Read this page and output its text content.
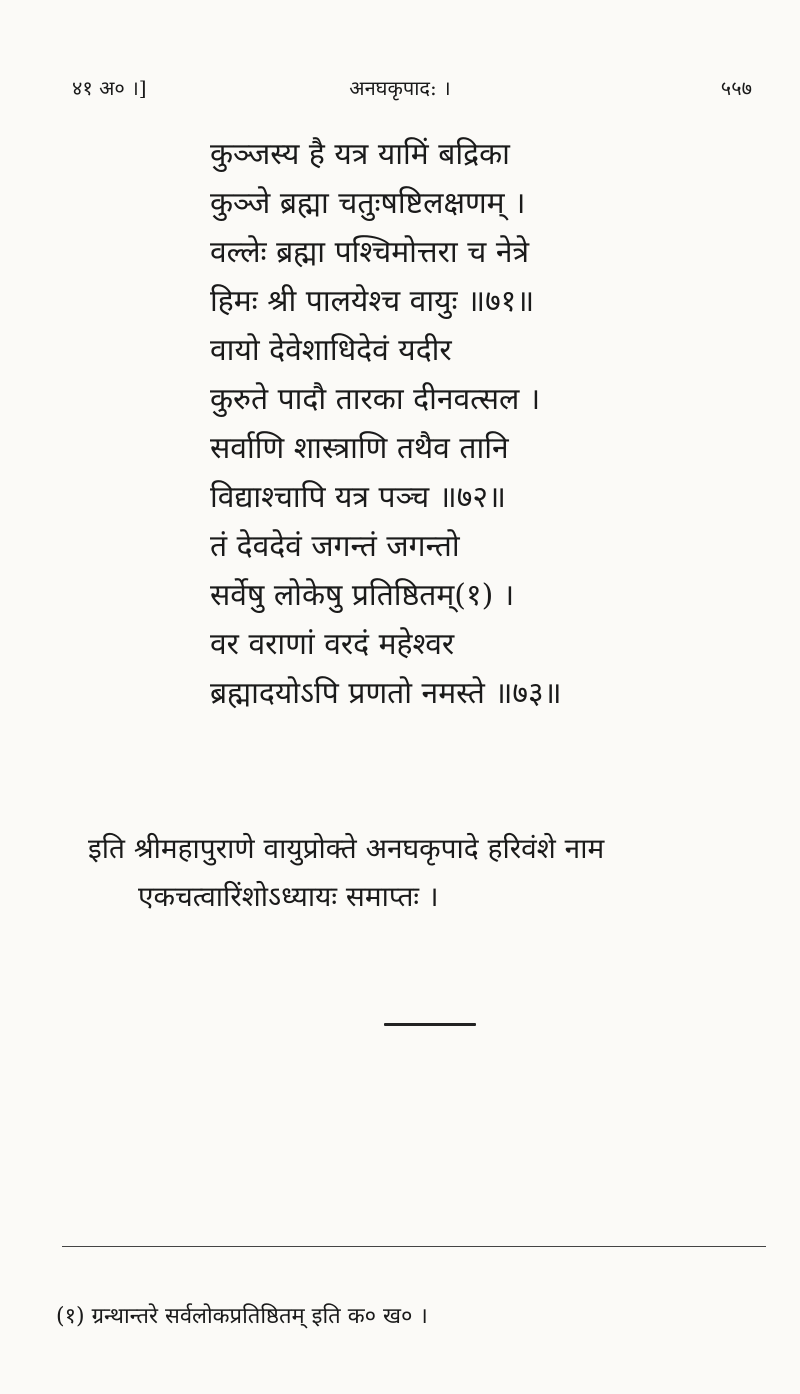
४१ अ० ।]	अनघकृपाद: ।	५५७

कुञ्जस्य है यत्र यामिं बद्रिका

कुञ्जे ब्रह्मा चतुःषष्टिलक्षणम् ।

वल्लेः ब्रह्मा पश्चिमोत्तरा च नेत्रे

हिमः श्री पालयेश्च वायुः ॥७१॥

वायो देवेशाधिदेवं यदीर

कुरुते पादौ तारका दीनवत्सल ।

सर्वाणि शास्त्राणि तथैव तानि

विद्याश्चापि यत्र पञ्च ॥७२॥

तं देवदेवं जगन्तं जगन्तो

सर्वेषु लोकेषु प्रतिष्ठितम्(१) ।

वर वराणां वरदं महेश्वर

ब्रह्मादयोऽपि प्रणतो नमस्ते ॥७३॥

इति श्रीमहापुराणे वायुप्रोक्ते अनघकृपादे हरिवंशे नाम
एकचत्वारिंशोऽध्यायः समाप्तः ।
(१) ग्रन्थान्तरे सर्वलोकप्रतिष्ठितम् इति क० ख० ।
